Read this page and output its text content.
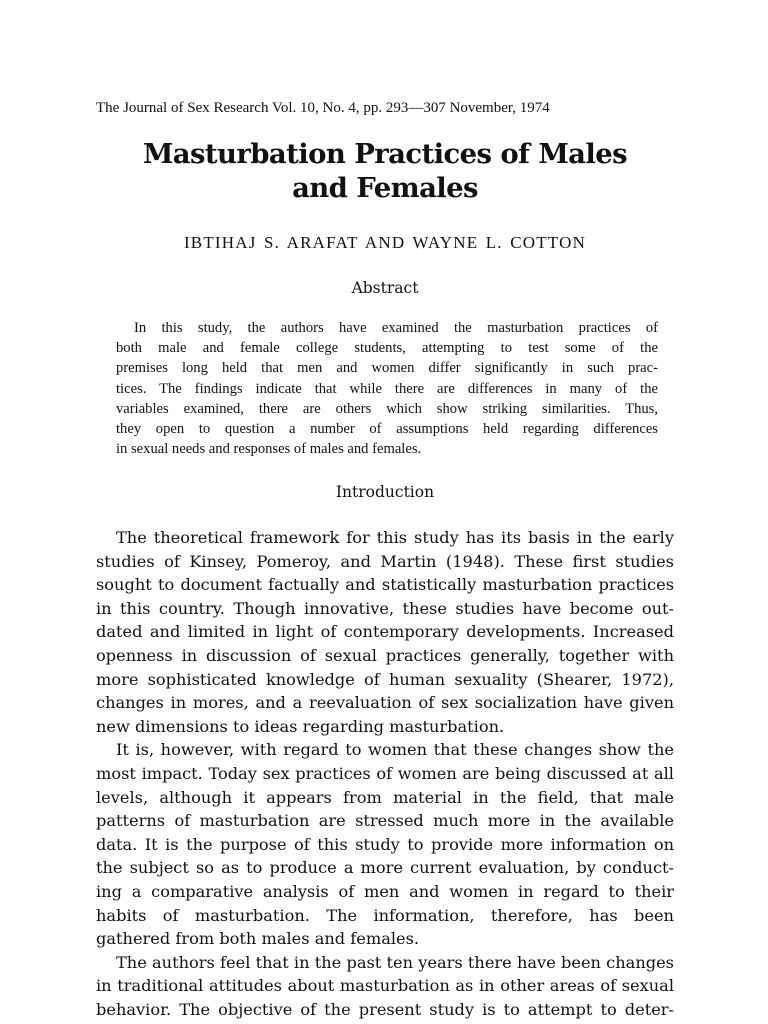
The Journal of Sex Research Vol. 10, No. 4, pp. 293—307 November, 1974
Masturbation Practices of Males
and Females
IBTIHAJ S. ARAFAT AND WAYNE L. COTTON
Abstract
In this study, the authors have examined the masturbation practices of
both male and female college students, attempting to test some of the
premises long held that men and women differ significantly in such prac-
tices. The findings indicate that while there are differences in many of the
variables examined, there are others which show striking similarities. Thus,
they open to question a number of assumptions held regarding differences
in sexual needs and responses of males and females.
Introduction
The theoretical framework for this study has its basis in the early
studies of Kinsey, Pomeroy, and Martin (1948). These first studies
sought to document factually and statistically masturbation practices
in this country. Though innovative, these studies have become out-
dated and limited in light of contemporary developments. Increased
openness in discussion of sexual practices generally, together with
more sophisticated knowledge of human sexuality (Shearer, 1972),
changes in mores, and a reevaluation of sex socialization have given
new dimensions to ideas regarding masturbation.
It is, however, with regard to women that these changes show the
most impact. Today sex practices of women are being discussed at all
levels, although it appears from material in the field, that male
patterns of masturbation are stressed much more in the available
data. It is the purpose of this study to provide more information on
the subject so as to produce a more current evaluation, by conduct-
ing a comparative analysis of men and women in regard to their
habits of masturbation. The information, therefore, has been
gathered from both males and females.
The authors feel that in the past ten years there have been changes
in traditional attitudes about masturbation as in other areas of sexual
behavior. The objective of the present study is to attempt to deter-
